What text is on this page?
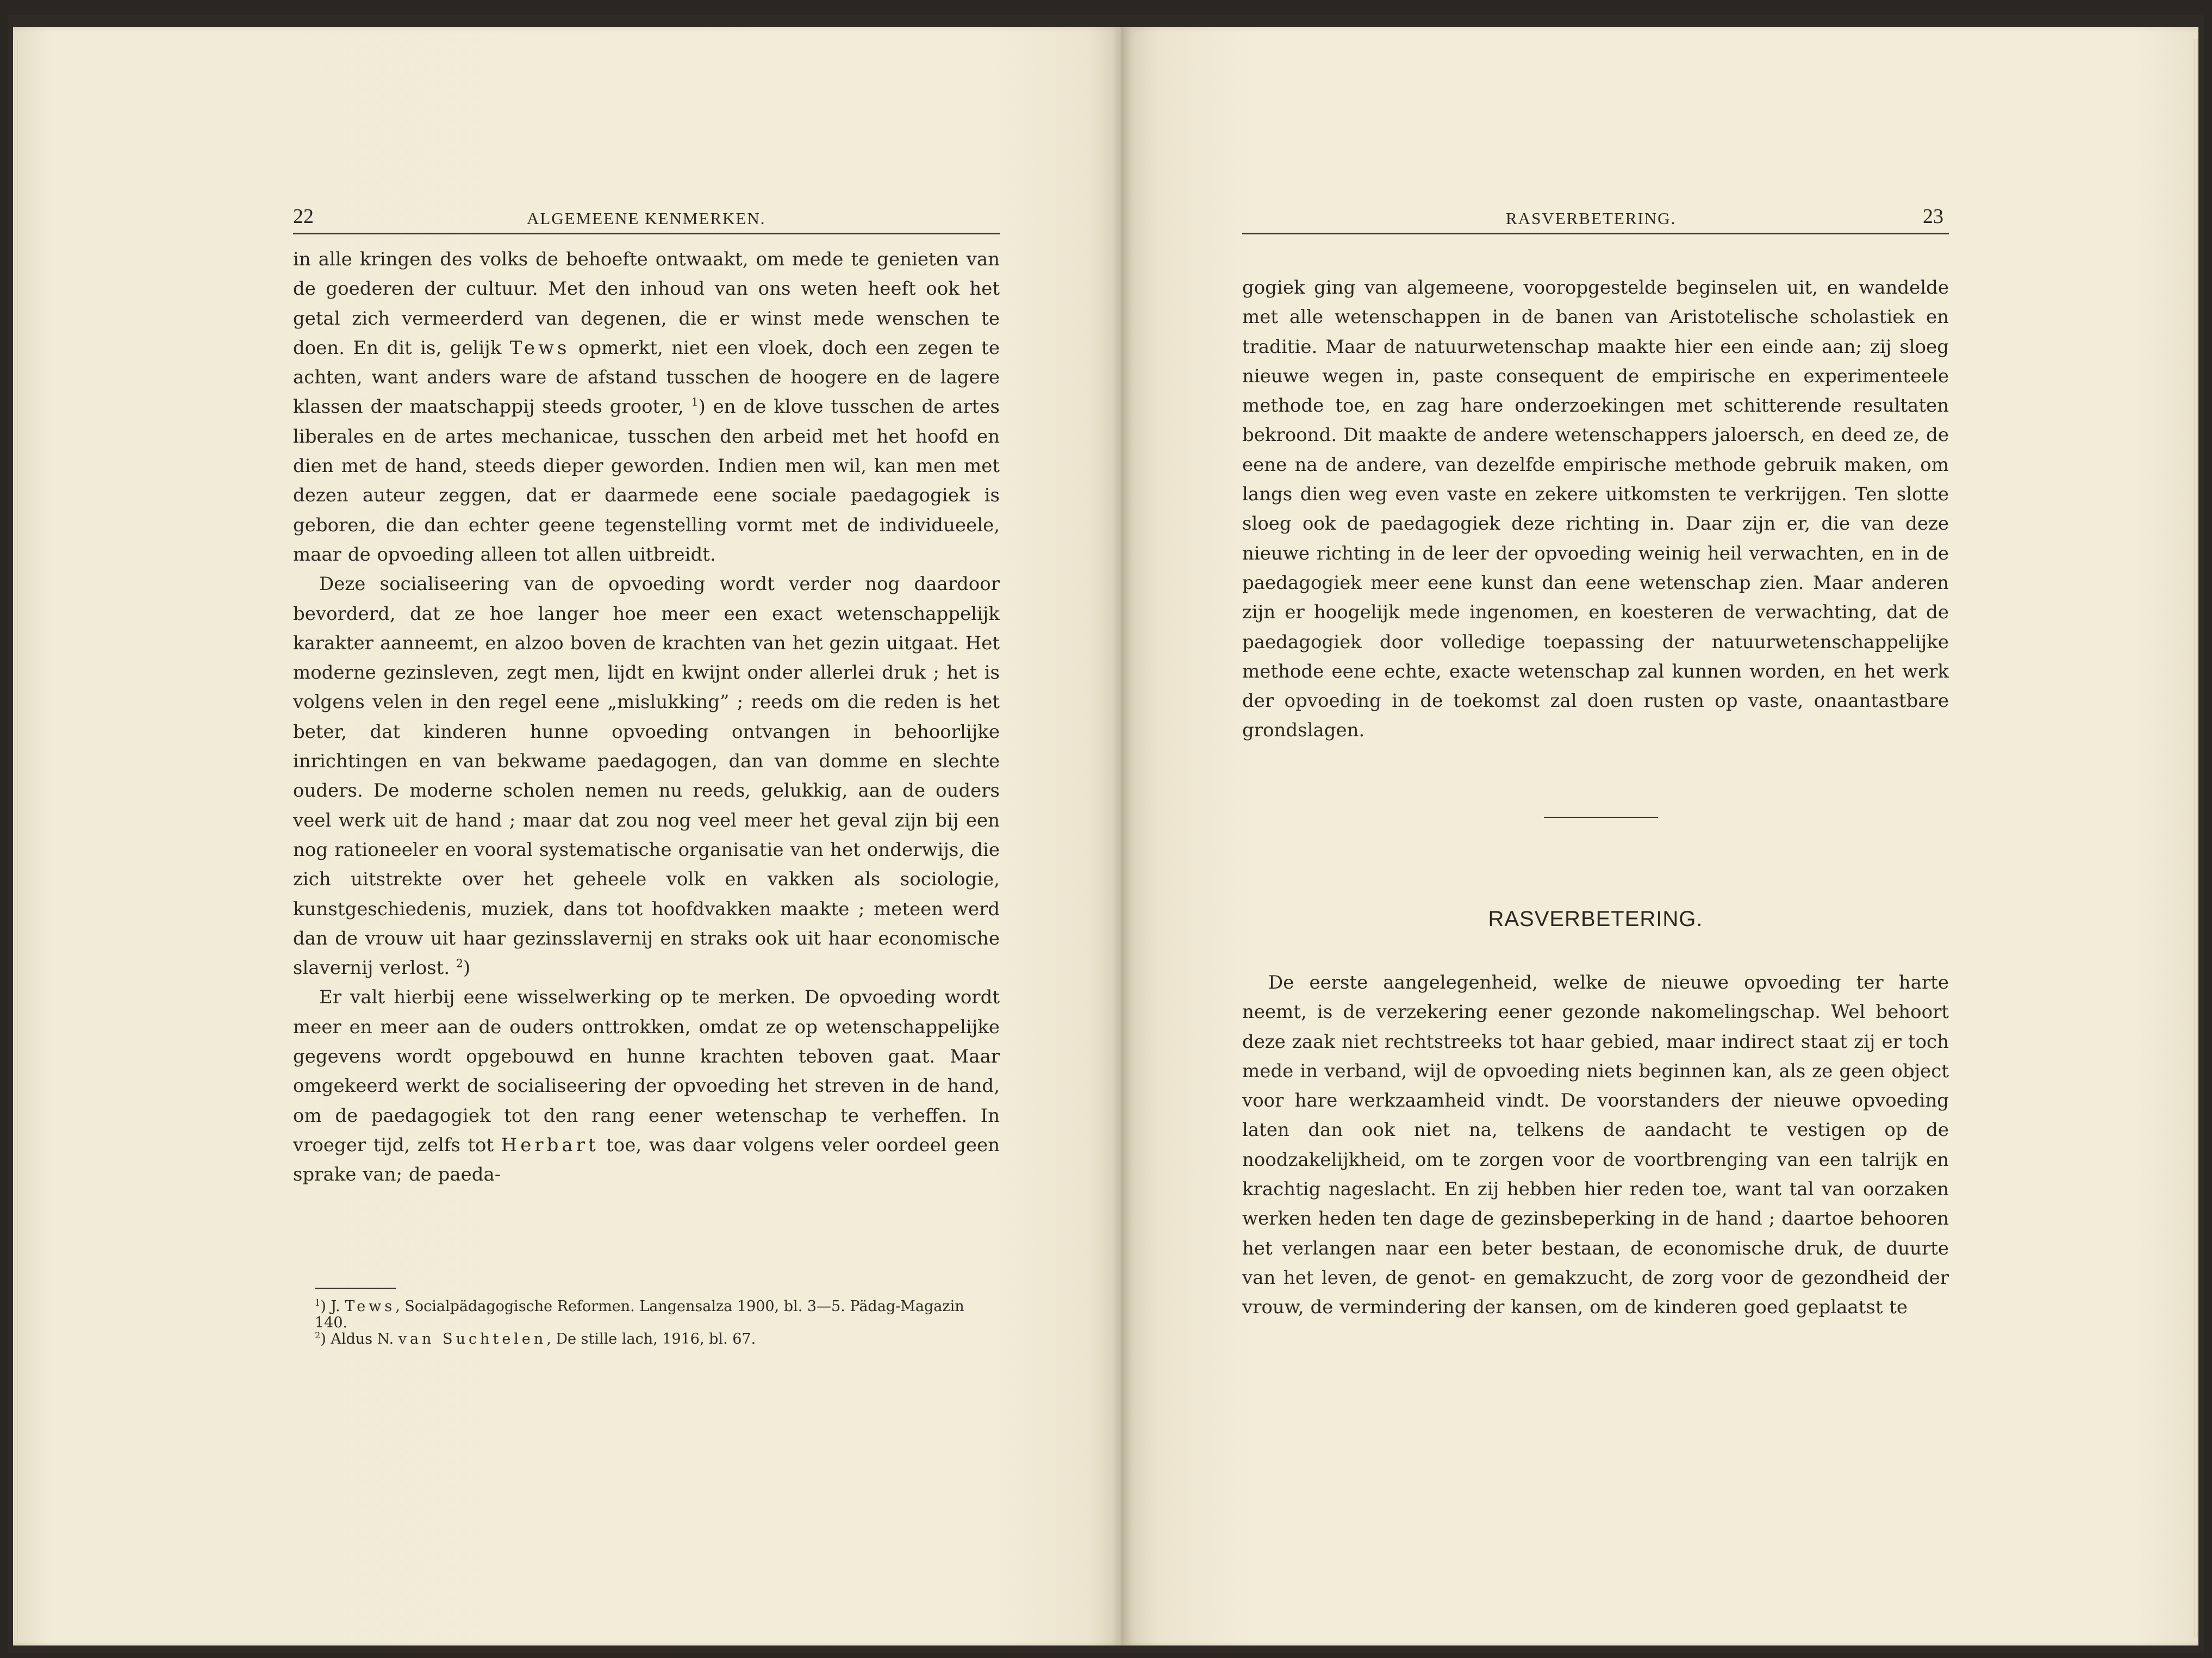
22	ALGEMEENE KENMERKEN.

in alle kringen des volks de behoefte ontwaakt, om mede te genieten van de goederen der cultuur. Met den inhoud van ons weten heeft ook het getal zich vermeerderd van degenen, die er winst mede wenschen te doen. En dit is, gelijk Tews opmerkt, niet een vloek, doch een zegen te achten, want anders ware de afstand tusschen de hoogere en de lagere klassen der maatschappij steeds grooter, $^1$) en de klove tusschen de artes liberales en de artes mechanicae, tusschen den arbeid met het hoofd en dien met de hand, steeds dieper geworden. Indien men wil, kan men met dezen auteur zeggen, dat er daarmede eene sociale paedagogiek is geboren, die dan echter geene tegenstelling vormt met de individueele, maar de opvoeding alleen tot allen uitbreidt.

Deze socialiseering van de opvoeding wordt verder nog daardoor bevorderd, dat ze hoe langer hoe meer een exact wetenschappelijk karakter aanneemt, en alzoo boven de krachten van het gezin uitgaat. Het moderne gezinsleven, zegt men, lijdt en kwijnt onder allerlei druk ; het is volgens velen in den regel eene „mislukking” ; reeds om die reden is het beter, dat kinderen hunne opvoeding ontvangen in behoorlijke inrichtingen en van bekwame paedagogen, dan van domme en slechte ouders. De moderne scholen nemen nu reeds, gelukkig, aan de ouders veel werk uit de hand ; maar dat zou nog veel meer het geval zijn bij een nog rationeeler en vooral systematische organisatie van het onderwijs, die zich uitstrekte over het geheele volk en vakken als sociologie, kunstgeschiedenis, muziek, dans tot hoofdvakken maakte ; meteen werd dan de vrouw uit haar gezinsslavernij en straks ook uit haar economische slavernij verlost. $^2$)

Er valt hierbij eene wisselwerking op te merken. De opvoeding wordt meer en meer aan de ouders onttrokken, omdat ze op wetenschappelijke gegevens wordt opgebouwd en hunne krachten teboven gaat. Maar omgekeerd werkt de socialiseering der opvoeding het streven in de hand, om de paedagogiek tot den rang eener wetenschap te verheffen. In vroeger tijd, zelfs tot Herbart toe, was daar volgens veler oordeel geen sprake van; de paeda-

$^1$) J. Tews, Socialpädagogische Reformen. Langensalza 1900, bl. 3—5. Pädag-Magazin 140.

$^2$) Aldus N. van Suchtelen, De stille lach, 1916, bl. 67.

RASVERBETERING.	23

gogiek ging van algemeene, vooropgestelde beginselen uit, en wandelde met alle wetenschappen in de banen van Aristotelische scholastiek en traditie. Maar de natuurwetenschap maakte hier een einde aan; zij sloeg nieuwe wegen in, paste consequent de empirische en experimenteele methode toe, en zag hare onderzoekingen met schitterende resultaten bekroond. Dit maakte de andere wetenschappers jaloersch, en deed ze, de eene na de andere, van dezelfde empirische methode gebruik maken, om langs dien weg even vaste en zekere uitkomsten te verkrijgen. Ten slotte sloeg ook de paedagogiek deze richting in. Daar zijn er, die van deze nieuwe richting in de leer der opvoeding weinig heil verwachten, en in de paedagogiek meer eene kunst dan eene wetenschap zien. Maar anderen zijn er hoogelijk mede ingenomen, en koesteren de verwachting, dat de paedagogiek door volledige toepassing der natuurwetenschappelijke methode eene echte, exacte wetenschap zal kunnen worden, en het werk der opvoeding in de toekomst zal doen rusten op vaste, onaantastbare grondslagen.

RASVERBETERING.

De eerste aangelegenheid, welke de nieuwe opvoeding ter harte neemt, is de verzekering eener gezonde nakomelingschap. Wel behoort deze zaak niet rechtstreeks tot haar gebied, maar indirect staat zij er toch mede in verband, wijl de opvoeding niets beginnen kan, als ze geen object voor hare werkzaamheid vindt. De voorstanders der nieuwe opvoeding laten dan ook niet na, telkens de aandacht te vestigen op de noodzakelijkheid, om te zorgen voor de voortbrenging van een talrijk en krachtig nageslacht. En zij hebben hier reden toe, want tal van oorzaken werken heden ten dage de gezinsbeperking in de hand ; daartoe behooren het verlangen naar een beter bestaan, de economische druk, de duurte van het leven, de genot- en gemakzucht, de zorg voor de gezondheid der vrouw, de vermindering der kansen, om de kinderen goed geplaatst te
